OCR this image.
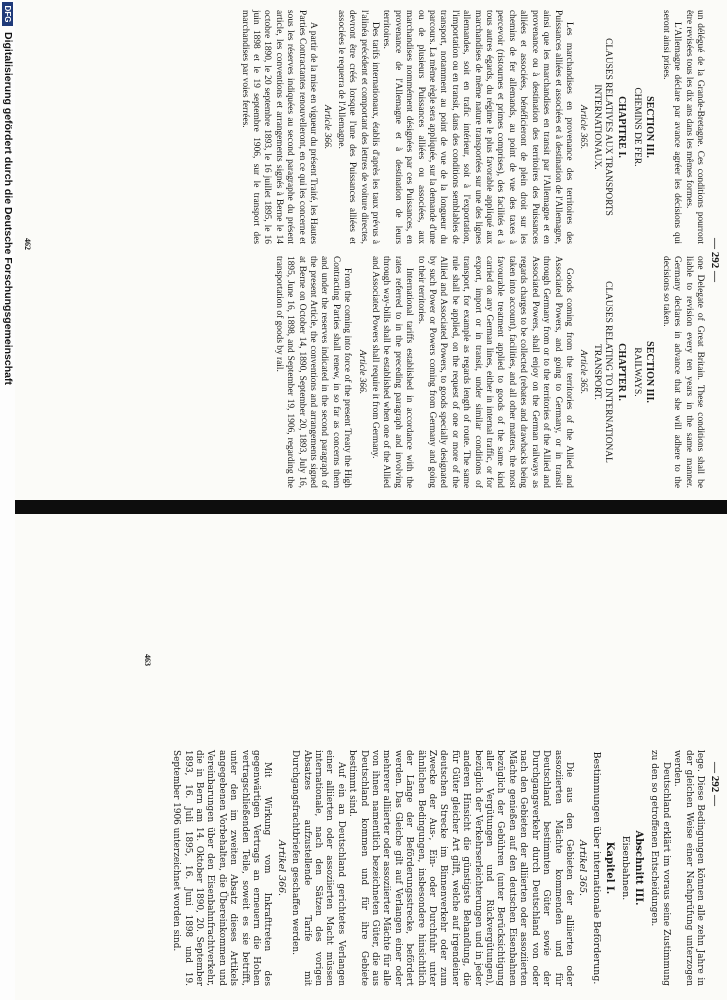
— 292 —

un délégué de la Grande-Bretagne. Ces conditions pourront être revisées tous les dix ans dans les mêmes formes.

L'Allemagne déclare par avance agréer les décisions qui seront ainsi prises.

SECTION III.
CHEMINS DE FER.
CHAPITRE I.
CLAUSES RELATIVES AUX TRANSPORTS INTERNATIONAUX.
Article 365.

Les marchandises en provenance des territoires des Puissances alliées et associées et à destination de l'Allemagne, ainsi que les marchandises en transit par l'Allemagne et en provenance ou à destination des territoires des Puissances alliées et associées, bénéficieront de plein droit sur les chemins de fer allemands, au point de vue des taxes à percevoir (ristournes et primes comprises), des facilités et à tous autres égards, du régime le plus favorable appliqué aux marchandises de même nature transportées sur une des lignes allemandes, soit en trafic intérieur, soit à l'exportation, l'importation ou en transit, dans des conditions semblables de transport, notamment au point de vue de la longueur du parcours. La même règle sera appliquée, sur la demande d'une ou de plusieurs Puissances alliées ou associées, aux marchandises nommément désignées par ces Puissances, en provenance de l'Allemagne et à destination de leurs territoires.

Des tarifs internationaux, établis d'après les taux prévus à l'alinéa précédent et comportant des lettres de voiture directes, devront être créés lorsque l'une des Puissances alliées et associées le requerra de l'Allemagne.

Article 366.

A partir de la mise en vigueur du présent Traité, les Hautes Parties Contractantes renouvelleront, en ce qui les concerne et sous les réserves indiquées au second paragraphe du présent article, les conventions et arrangements signés à Berne le 14 octobre 1890, le 20 septembre 1893, le 16 juillet 1895, le 16 juin 1898 et le 19 septembre 1906, sur le transport des marchandises par voies ferrées.

one Delegate of Great Britain. These conditions shall be liable to revision every ten years in the same manner. Germany declares in advance that she will adhere to the decisions so taken.

SECTION III.
RAILWAYS.
CHAPTER I.
CLAUSES RELATING TO INTERNATIONAL TRANSPORT.
Article 365.

Goods coming from the territories of the Allied and Associated Powers, and going to Germany, or in transit through Germany from or to the territories of the Allied and Associated Powers, shall enjoy on the German railways as regards charges to be collected (rebates and drawbacks being taken into account), facilities, and all other matters, the most favourable treatment applied to goods of the same kind carried on any German lines, either in internal traffic, or for export, import or in transit, under similar conditions of transport, for example as regards length of route. The same rule shall be applied, on the request of one or more of the Allied and Associated Powers, to goods specially designated by such Power or Powers coming from Germany and going to their territories.

International tariffs established in accordance with the rates referred to in the preceding paragraph and involving through way-bills shall be established when one of the Allied and Associated Powers shall require it from Germany.

Article 366.

From the coming into force of the present Treaty the High Contracting Parties shall renew, in so far as concerns them and under the reserves indicated in the second paragraph of the present Article, the conventions and arrangements signed at Berne on October 14, 1890, September 20, 1893, July 16, 1895, June 16, 1898, and September 19, 1906, regarding the transportation of goods by rail.

462
— 292 —

lege. Diese Bedingungen können alle zehn Jahre in der gleichen Weise einer Nachprüfung unterzogen werden.

Deutschland erklärt im voraus seine Zustimmung zu den so getroffenen Entscheidungen.

Abschnitt III.
Eisenbahnen.
Kapitel I.
Bestimmungen über internationale Beförderung.
Artikel 365.

Die aus den Gebieten der alliierten oder assoziierten Mächte kommenden und für Deutschland bestimmten Güter sowie der Durchgangsverkehr durch Deutschland von oder nach den Gebieten der alliierten oder assoziierten Mächte genießen auf den deutschen Eisenbahnen bezüglich der Gebühren (unter Berücksichtigung aller Vergütungen und Rückvergütungen), bezüglich der Verkehrserleichterungen und in jeder anderen Hinsicht die günstigste Behandlung, die für Güter gleicher Art gilft, welche auf irgendeiner deutschen Strecke im Binnenverkehr oder zum Zwecke der Aus-, Ein- oder Durchfuhr unter ähnlichen Bedingungen, insbesondere hinsichtlich der Länge der Beförderungsstrecke, befördert werden. Das Gleiche gilt auf Verlangen einer oder mehrerer alliierter oder assoziierter Mächte für alle von ihnen namentlich bezeichneten Güter, die aus Deutschland kommen und für ihre Gebiete bestimmt sind.

Auf ein an Deutschland gerichtetes Verlangen einer alliierten oder assoziierten Macht müssen internationale, nach den Sätzen des vorigen Absatzes aufzustellende Tarife mit Durchgangsfrachtbriefen geschaffen werden.

Artikel 366.

Mit Wirkung vom Inkrafttreten des gegenwärtigen Vertrags an erneuern die Hohen vertragschließenden Teile, soweit es sie betrifft, unter den im zweiten Absatz dieses Artikels angegebenen Vorbehalten, die Übereinkommen und Vereinbarungen über den Eisenbahnfrachtverkehr, die in Bern am 14. Oktober 1890, 20. September 1893, 16. Juli 1895, 16. Juni 1898 und 19. September 1906 unterzeichnet worden sind.

463
DFG
Digitalisierung gefördert durch die Deutsche Forschungsgemeinschaft
